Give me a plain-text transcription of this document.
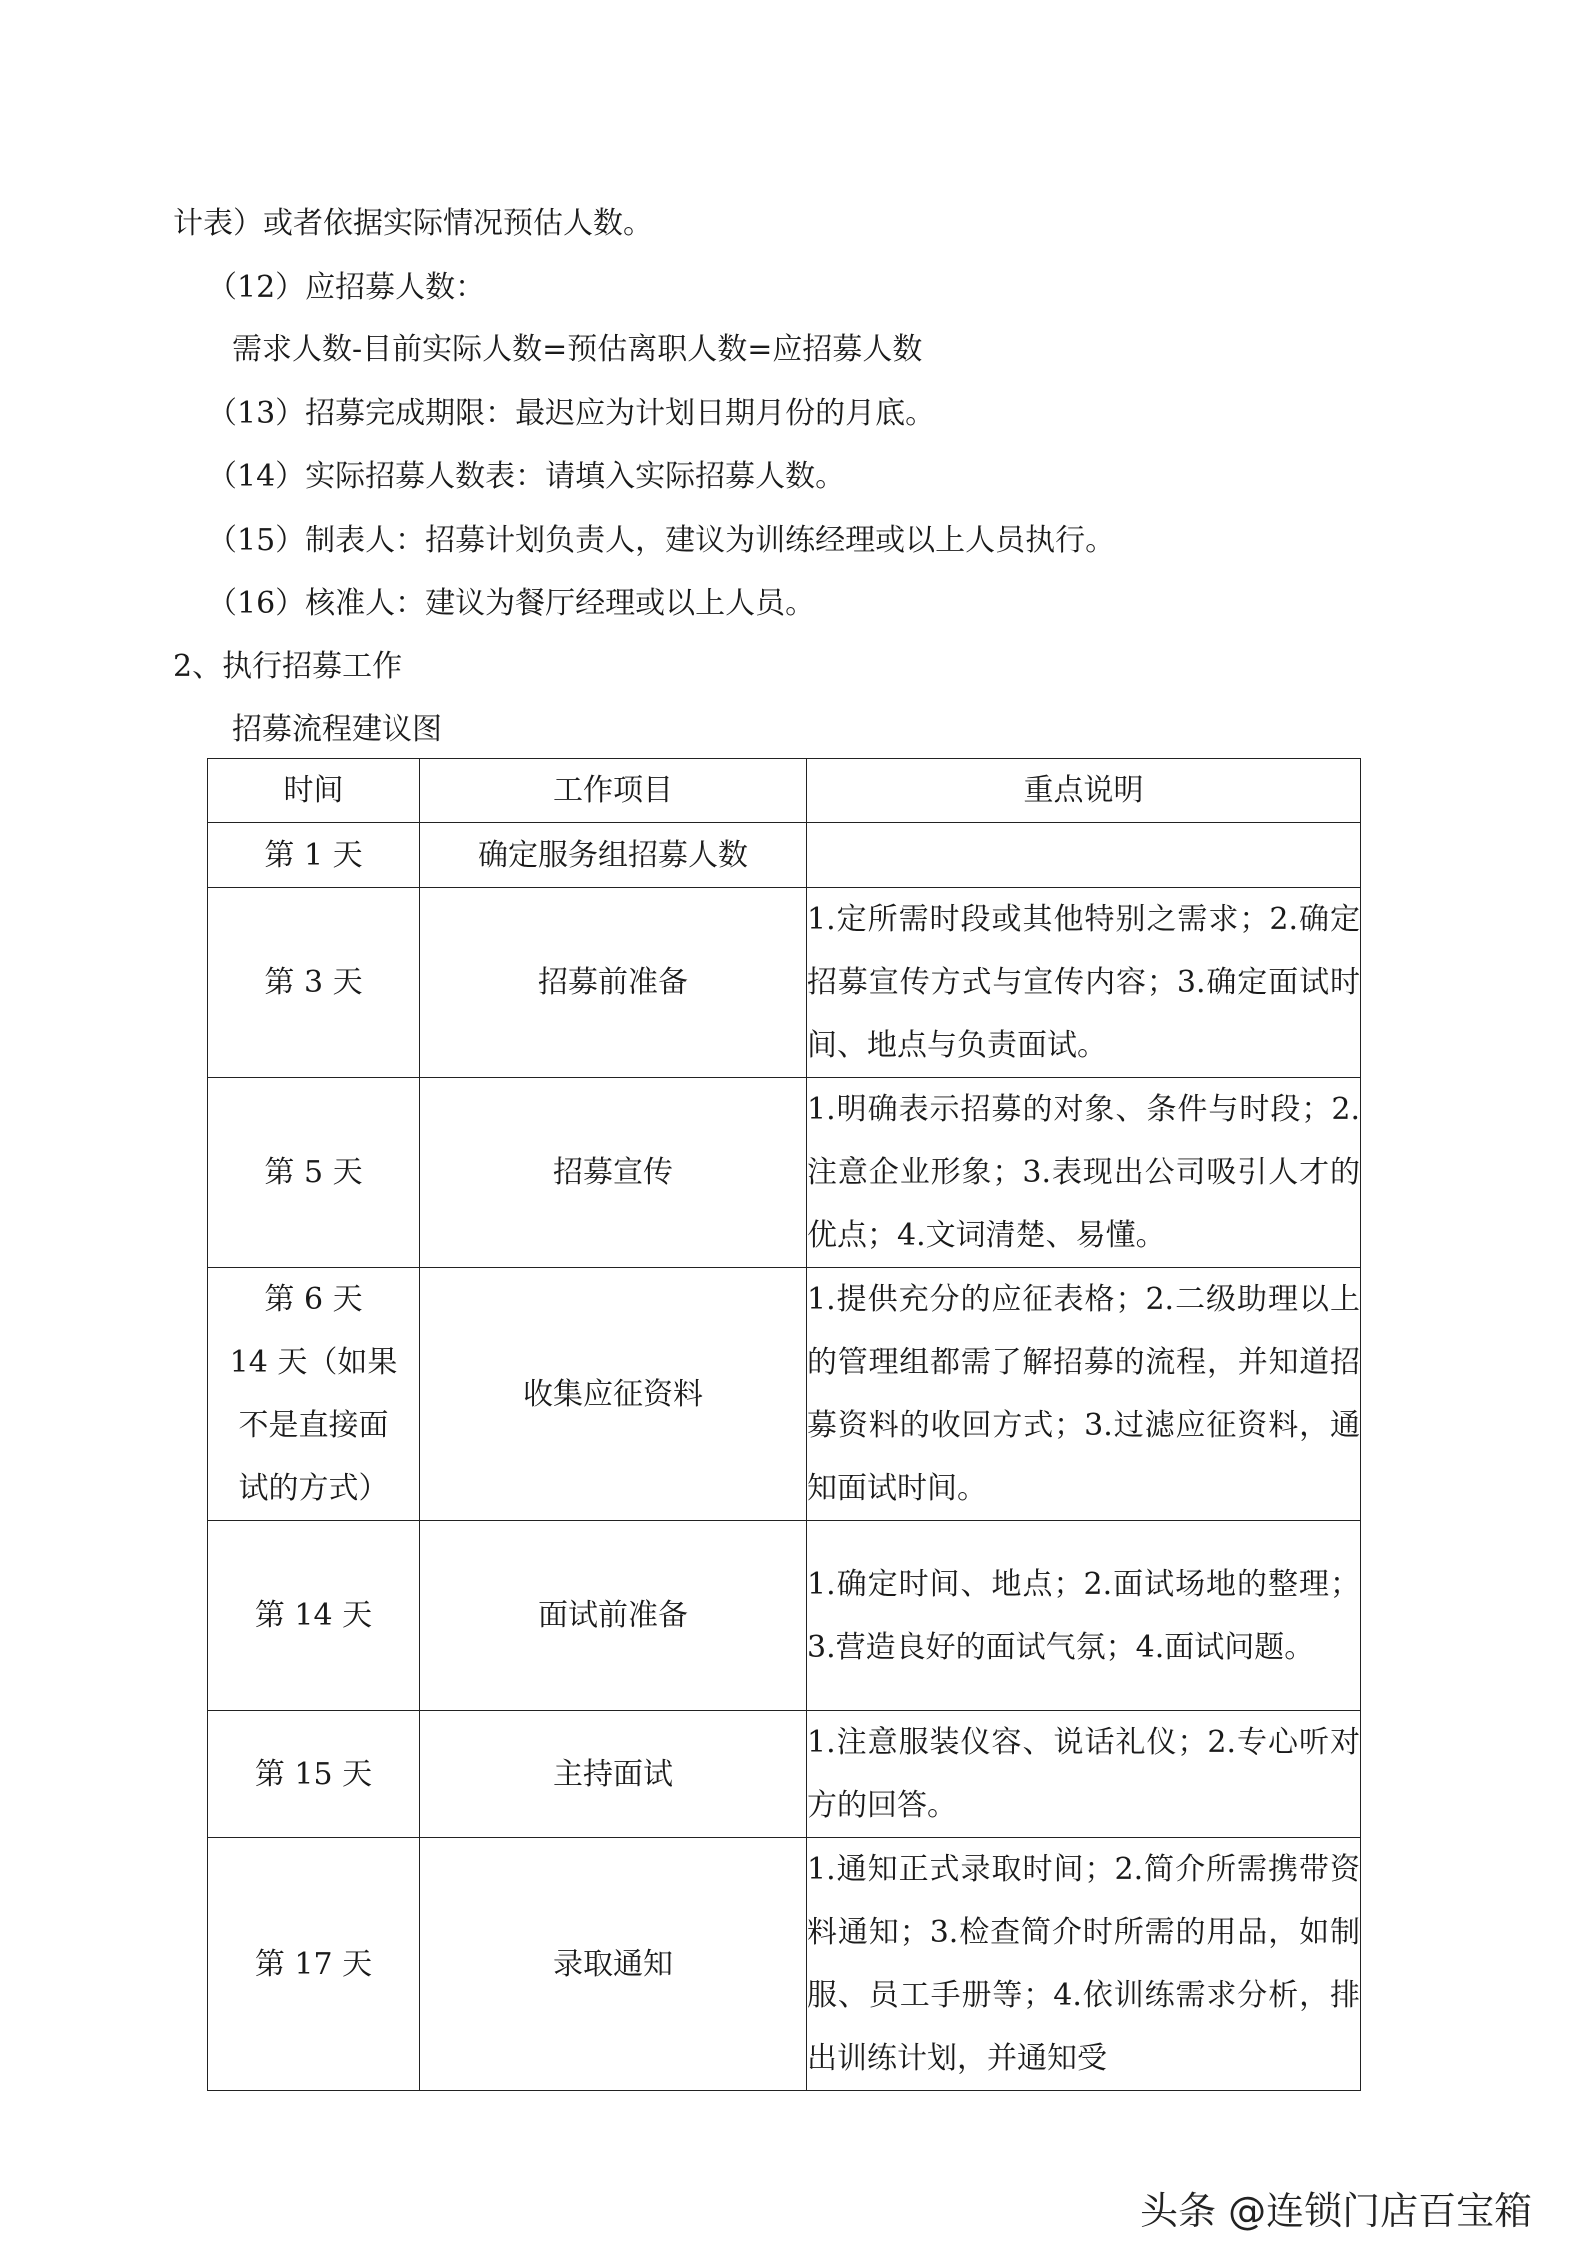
计表）或者依据实际情况预估人数。
（12）应招募人数：
需求人数-目前实际人数=预估离职人数=应招募人数
（13）招募完成期限：最迟应为计划日期月份的月底。
（14）实际招募人数表：请填入实际招募人数。
（15）制表人：招募计划负责人，建议为训练经理或以上人员执行。
（16）核准人：建议为餐厅经理或以上人员。
2、执行招募工作
招募流程建议图
时间	工作项目	重点说明

第 1 天	确定服务组招募人数	

第 3 天	招募前准备	1.定所需时段或其他特别之需求；2.确定招募宣传方式与宣传内容；3.确定面试时间、地点与负责面试。

第 5 天	招募宣传	1.明确表示招募的对象、条件与时段；2.注意企业形象；3.表现出公司吸引人才的优点；4.文词清楚、易懂。

第 6 天
14 天（如果
不是直接面
试的方式）	收集应征资料	1.提供充分的应征表格；2.二级助理以上的管理组都需了解招募的流程，并知道招募资料的收回方式；3.过滤应征资料，通知面试时间。

第 14 天	面试前准备	1.确定时间、地点；2.面试场地的整理；3.营造良好的面试气氛；4.面试问题。

第 15 天	主持面试	1.注意服装仪容、说话礼仪；2.专心听对方的回答。

第 17 天	录取通知	1.通知正式录取时间；2.简介所需携带资料通知；3.检查简介时所需的用品，如制服、员工手册等；4.依训练需求分析，排出训练计划，并通知受
头条 @连锁门店百宝箱
